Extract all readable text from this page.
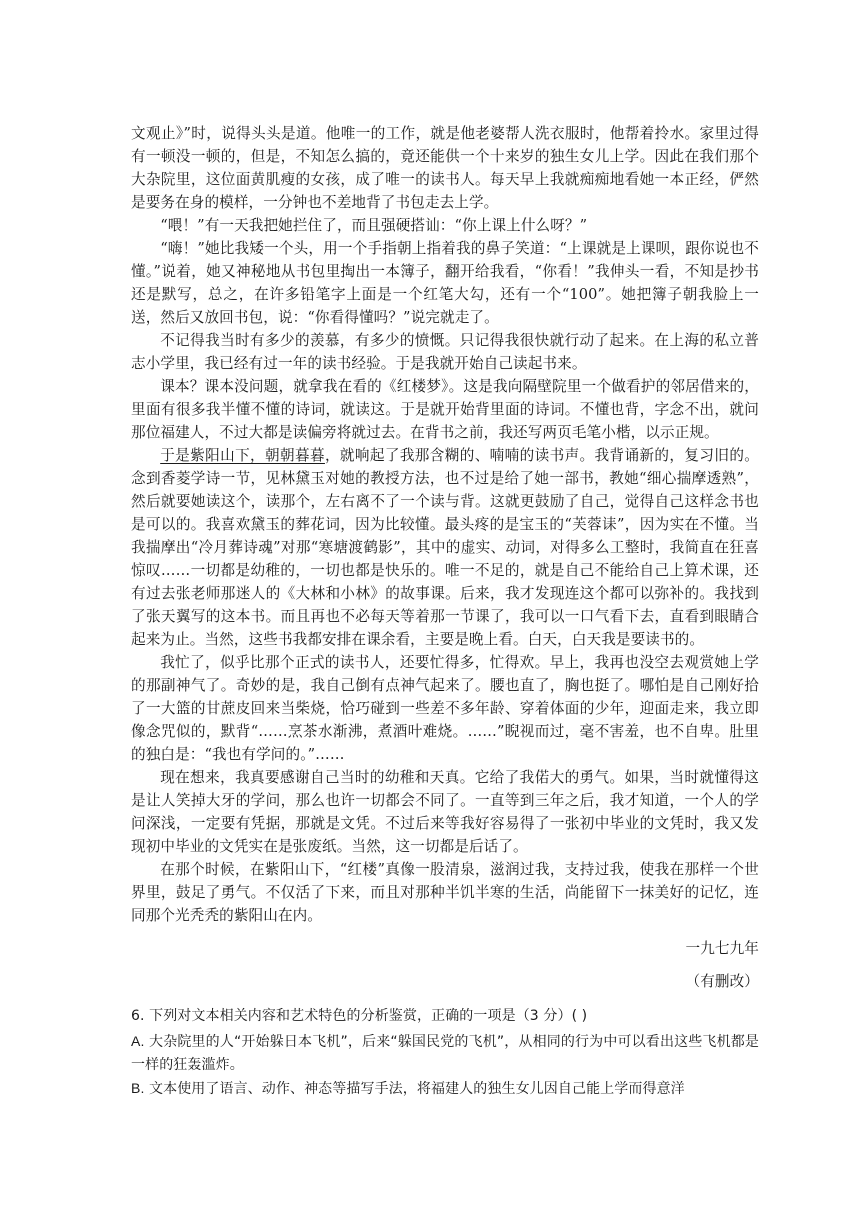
文观止》”时，说得头头是道。他唯一的工作，就是他老婆帮人洗衣服时，他帮着拎水。家里过得有一顿没一顿的，但是，不知怎么搞的，竟还能供一个十来岁的独生女儿上学。因此在我们那个大杂院里，这位面黄肌瘦的女孩，成了唯一的读书人。每天早上我就痴痴地看她一本正经，俨然是要务在身的模样，一分钟也不差地背了书包走去上学。

“喂！”有一天我把她拦住了，而且强硬搭讪：“你上课上什么呀？”

“嗨！”她比我矮一个头，用一个手指朝上指着我的鼻子笑道：“上课就是上课呗，跟你说也不懂。”说着，她又神秘地从书包里掏出一本簿子，翻开给我看，“你看！”我伸头一看，不知是抄书还是默写，总之，在许多铅笔字上面是一个红笔大勾，还有一个“100”。她把簿子朝我脸上一送，然后又放回书包，说：“你看得懂吗？”说完就走了。

不记得我当时有多少的羡慕，有多少的愤慨。只记得我很快就行动了起来。在上海的私立普志小学里，我已经有过一年的读书经验。于是我就开始自己读起书来。

课本？课本没问题，就拿我在看的《红楼梦》。这是我向隔壁院里一个做看护的邻居借来的，里面有很多我半懂不懂的诗词，就读这。于是就开始背里面的诗词。不懂也背，字念不出，就问那位福建人，不过大都是读偏旁将就过去。在背书之前，我还写两页毛笔小楷，以示正规。

于是紫阳山下，朝朝暮暮，就响起了我那含糊的、喃喃的读书声。我背诵新的，复习旧的。念到香菱学诗一节，见林黛玉对她的教授方法，也不过是给了她一部书，教她“细心揣摩透熟”，然后就要她读这个，读那个，左右离不了一个读与背。这就更鼓励了自己，觉得自己这样念书也是可以的。我喜欢黛玉的葬花词，因为比较懂。最头疼的是宝玉的“芙蓉诔”，因为实在不懂。当我揣摩出“冷月葬诗魂”对那“寒塘渡鹤影”，其中的虚实、动词，对得多么工整时，我简直在狂喜惊叹……一切都是幼稚的，一切也都是快乐的。唯一不足的，就是自己不能给自己上算术课，还有过去张老师那迷人的《大林和小林》的故事课。后来，我才发现连这个都可以弥补的。我找到了张天翼写的这本书。而且再也不必每天等着那一节课了，我可以一口气看下去，直看到眼睛合起来为止。当然，这些书我都安排在课余看，主要是晚上看。白天，白天我是要读书的。

我忙了，似乎比那个正式的读书人，还要忙得多，忙得欢。早上，我再也没空去观赏她上学的那副神气了。奇妙的是，我自己倒有点神气起来了。腰也直了，胸也挺了。哪怕是自己刚好拾了一大篮的甘蔗皮回来当柴烧，恰巧碰到一些差不多年龄、穿着体面的少年，迎面走来，我立即像念咒似的，默背“……烹茶水渐沸，煮酒叶难烧。……”睨视而过，毫不害羞，也不自卑。肚里的独白是：“我也有学问的。”……

现在想来，我真要感谢自己当时的幼稚和天真。它给了我偌大的勇气。如果，当时就懂得这是让人笑掉大牙的学问，那么也许一切都会不同了。一直等到三年之后，我才知道，一个人的学问深浅，一定要有凭据，那就是文凭。不过后来等我好容易得了一张初中毕业的文凭时，我又发现初中毕业的文凭实在是张废纸。当然，这一切都是后话了。

在那个时候，在紫阳山下，“红楼”真像一股清泉，滋润过我，支持过我，使我在那样一个世界里，鼓足了勇气。不仅活了下来，而且对那种半饥半寒的生活，尚能留下一抹美好的记忆，连同那个光秃秃的紫阳山在内。

一九七九年

（有删改）

6. 下列对文本相关内容和艺术特色的分析鉴赏，正确的一项是（3 分）( )

A. 大杂院里的人“开始躲日本飞机”，后来“躲国民党的飞机”，从相同的行为中可以看出这些飞机都是一样的狂轰滥炸。

B. 文本使用了语言、动作、神态等描写手法，将福建人的独生女儿因自己能上学而得意洋
